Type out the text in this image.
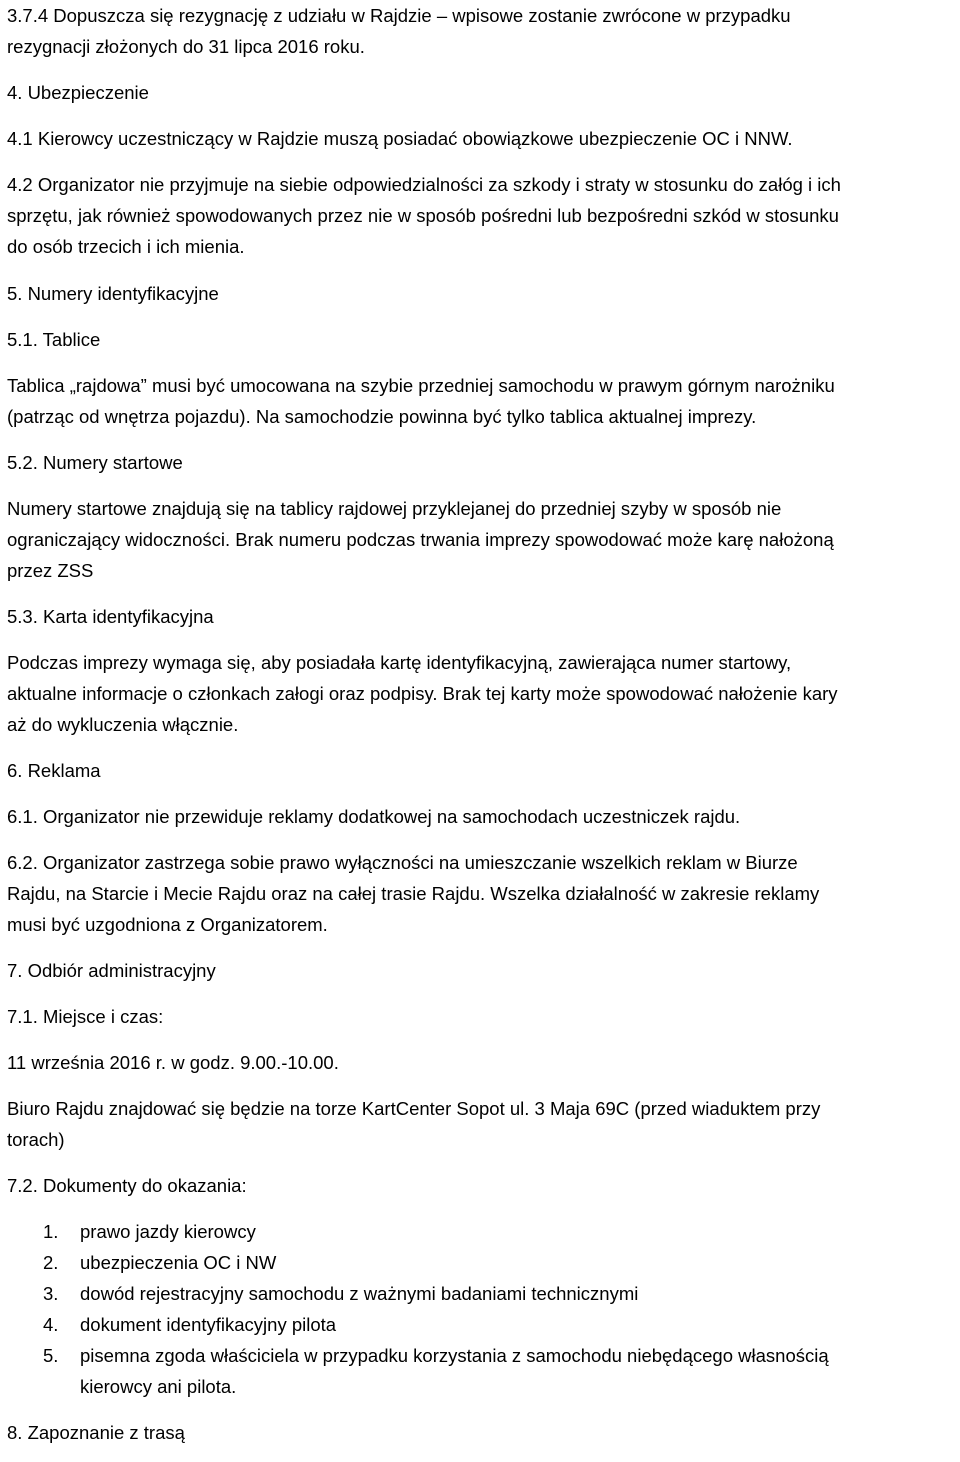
3.7.4 Dopuszcza się rezygnację z udziału w Rajdzie – wpisowe zostanie zwrócone w przypadku
rezygnacji złożonych do 31 lipca 2016 roku.

4. Ubezpieczenie

4.1 Kierowcy uczestniczący w Rajdzie muszą posiadać obowiązkowe ubezpieczenie OC i NNW.

4.2 Organizator nie przyjmuje na siebie odpowiedzialności za szkody i straty w stosunku do załóg i ich
sprzętu, jak również spowodowanych przez nie w sposób pośredni lub bezpośredni szkód w stosunku
do osób trzecich i ich mienia.

5. Numery identyfikacyjne

5.1. Tablice

Tablica „rajdowa” musi być umocowana na szybie przedniej samochodu w prawym górnym narożniku
(patrząc od wnętrza pojazdu). Na samochodzie powinna być tylko tablica aktualnej imprezy.

5.2. Numery startowe

Numery startowe znajdują się na tablicy rajdowej przyklejanej do przedniej szyby w sposób nie
ograniczający widoczności. Brak numeru podczas trwania imprezy spowodować może karę nałożoną
przez ZSS

5.3. Karta identyfikacyjna

Podczas imprezy wymaga się, aby posiadała kartę identyfikacyjną, zawierająca numer startowy,
aktualne informacje o członkach załogi oraz podpisy. Brak tej karty może spowodować nałożenie kary
aż do wykluczenia włącznie.

6. Reklama

6.1. Organizator nie przewiduje reklamy dodatkowej na samochodach uczestniczek rajdu.

6.2. Organizator zastrzega sobie prawo wyłączności na umieszczanie wszelkich reklam w Biurze
Rajdu, na Starcie i Mecie Rajdu oraz na całej trasie Rajdu. Wszelka działalność w zakresie reklamy
musi być uzgodniona z Organizatorem.

7. Odbiór administracyjny

7.1. Miejsce i czas:

11 września 2016 r. w godz. 9.00.-10.00.

Biuro Rajdu znajdować się będzie na torze KartCenter Sopot ul. 3 Maja 69C (przed wiaduktem przy
torach)

7.2. Dokumenty do okazania:

1. prawo jazdy kierowcy
2. ubezpieczenia OC i NW
3. dowód rejestracyjny samochodu z ważnymi badaniami technicznymi
4. dokument identyfikacyjny pilota
5. pisemna zgoda właściciela w przypadku korzystania z samochodu niebędącego własnością
kierowcy ani pilota.

8. Zapoznanie z trasą
